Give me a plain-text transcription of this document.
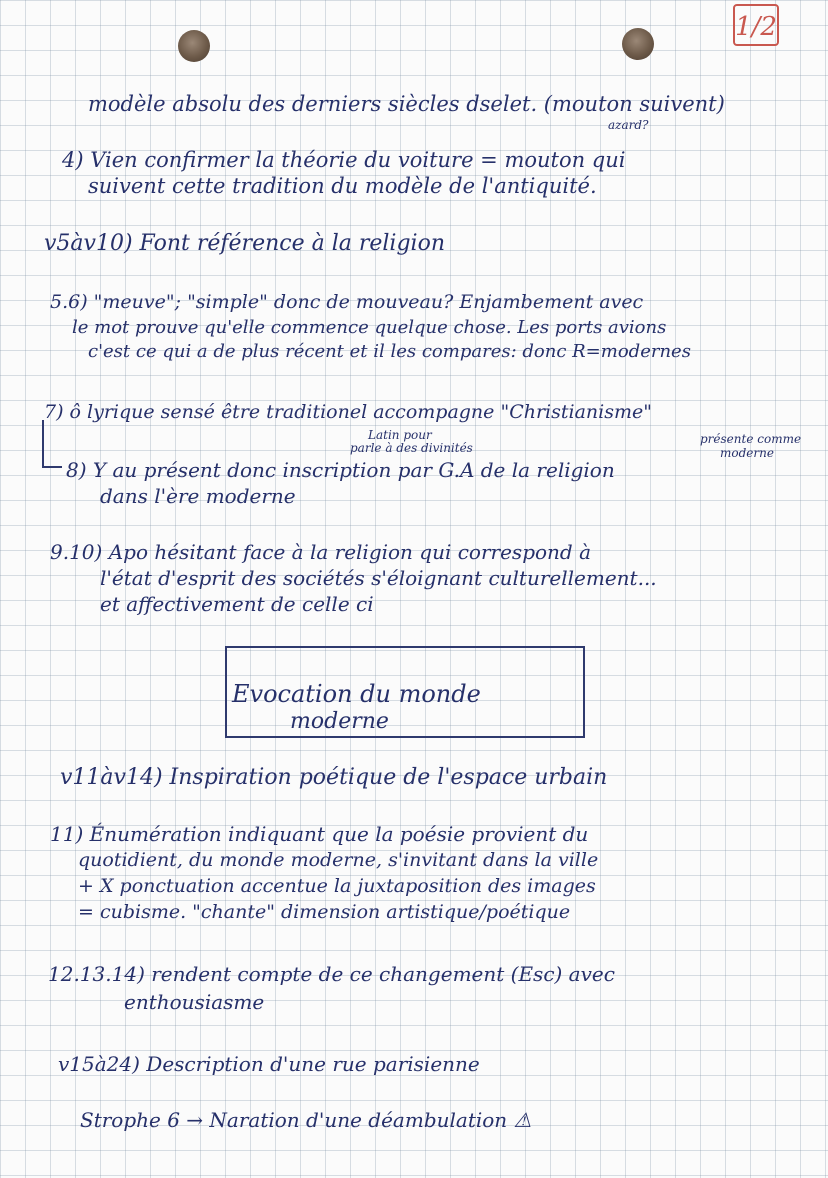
1/2
modèle absolu des derniers siècles dselet. (mouton suivent)
azard?
4) Vien confirmer la théorie du voiture = mouton qui
suivent cette tradition du modèle de l'antiquité.
v5àv10) Font référence à la religion
5.6) "meuve"; "simple" donc de mouveau? Enjambement avec
le mot prouve qu'elle commence quelque chose. Les ports avions
c'est ce qui a de plus récent et il les compares: donc R=modernes
7) ô lyrique sensé être traditionel accompagne "Christianisme"
Latin pour
parle à des divinités
présente comme
moderne
8) Y au présent donc inscription par G.A de la religion
dans l'ère moderne
9.10) Apo hésitant face à la religion qui correspond à
l'état d'esprit des sociétés s'éloignant culturellement...
et affectivement de celle ci
Evocation du monde
moderne
v11àv14) Inspiration poétique de l'espace urbain
11) Énumération indiquant que la poésie provient du
quotidient, du monde moderne, s'invitant dans la ville
+ X ponctuation accentue la juxtaposition des images
= cubisme. "chante" dimension artistique/poétique
12.13.14) rendent compte de ce changement (Esc) avec
enthousiasme
v15à24) Description d'une rue parisienne
Strophe 6 → Naration d'une déambulation ⚠
